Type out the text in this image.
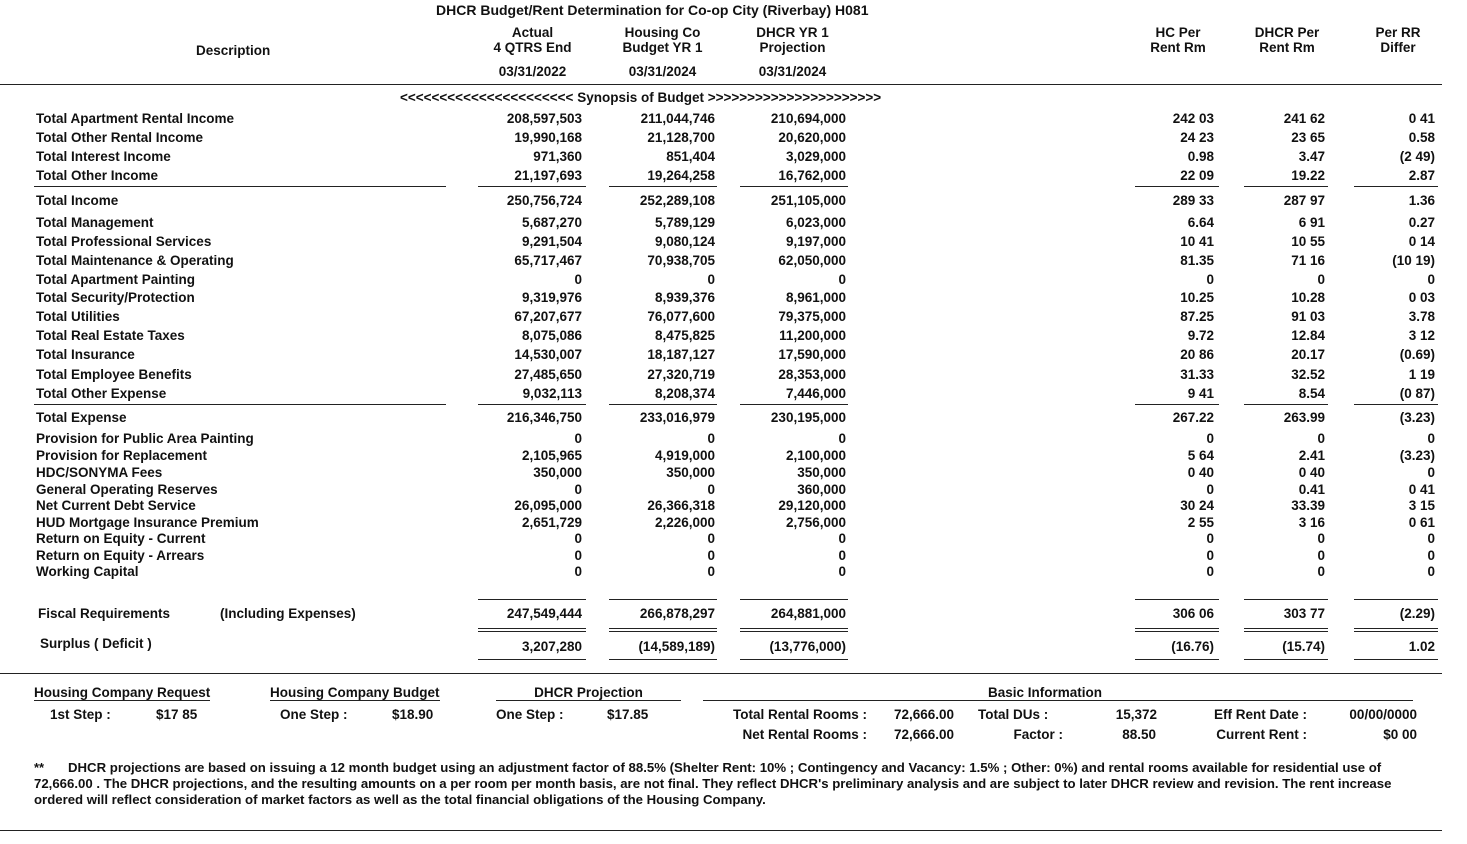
DHCR Budget/Rent Determination for Co-op City (Riverbay) H081
Description
Actual
4 QTRS End
Housing Co
Budget YR 1
DHCR YR 1
Projection
HC Per
Rent Rm
DHCR Per
Rent Rm
Per RR
Differ
03/31/2022	03/31/2024	03/31/2024
<<<<<<<<<<<<<<<<<<<<<< Synopsis of Budget >>>>>>>>>>>>>>>>>>>>>>
Total Apartment Rental Income	208,597,503	211,044,746	210,694,000	242 03	241 62	0 41
Total Other Rental Income	19,990,168	21,128,700	20,620,000	24 23	23 65	0.58
Total Interest Income	971,360	851,404	3,029,000	0.98	3.47	(2 49)
Total Other Income	21,197,693	19,264,258	16,762,000	22 09	19.22	2.87
Total Income	250,756,724	252,289,108	251,105,000	289 33	287 97	1.36
Total Management	5,687,270	5,789,129	6,023,000	6.64	6 91	0.27
Total Professional Services	9,291,504	9,080,124	9,197,000	10 41	10 55	0 14
Total Maintenance & Operating	65,717,467	70,938,705	62,050,000	81.35	71 16	(10 19)
Total Apartment Painting	0	0	0	0	0	0
Total Security/Protection	9,319,976	8,939,376	8,961,000	10.25	10.28	0 03
Total Utilities	67,207,677	76,077,600	79,375,000	87.25	91 03	3.78
Total Real Estate Taxes	8,075,086	8,475,825	11,200,000	9.72	12.84	3 12
Total Insurance	14,530,007	18,187,127	17,590,000	20 86	20.17	(0.69)
Total Employee Benefits	27,485,650	27,320,719	28,353,000	31.33	32.52	1 19
Total Other Expense	9,032,113	8,208,374	7,446,000	9 41	8.54	(0 87)
Total Expense	216,346,750	233,016,979	230,195,000	267.22	263.99	(3.23)
Provision for Public Area Painting	0	0	0	0	0	0
Provision for Replacement	2,105,965	4,919,000	2,100,000	5 64	2.41	(3.23)
HDC/SONYMA Fees	350,000	350,000	350,000	0 40	0 40	0
General Operating Reserves	0	0	360,000	0	0.41	0 41
Net Current Debt Service	26,095,000	26,366,318	29,120,000	30 24	33.39	3 15
HUD Mortgage Insurance Premium	2,651,729	2,226,000	2,756,000	2 55	3 16	0 61
Return on Equity - Current	0	0	0	0	0	0
Return on Equity - Arrears	0	0	0	0	0	0
Working Capital	0	0	0	0	0	0
Fiscal Requirements	247,549,444	266,878,297	264,881,000	306 06	303 77	(2.29)
(Including Expenses)
Surplus ( Deficit )	3,207,280	(14,589,189)	(13,776,000)	(16.76)	(15.74)	1.02
Housing Company Request	Housing Company Budget	DHCR Projection	Basic Information
1st Step :	$17 85	One Step :	$18.90	One Step :	$17.85	Total Rental Rooms : 72,666.00
Net Rental Rooms : 72,666.00
Total DUs :	15,372
Factor :	88.50
Eff Rent Date :	00/00/0000
Current Rent :	$0 00
**	DHCR projections are based on issuing a 12 month budget using an adjustment factor of 88.5% (Shelter Rent: 10% ; Contingency and Vacancy: 1.5% ; Other: 0%) and rental rooms available for residential use of 72,666.00 . The DHCR projections, and the resulting amounts on a per room per month basis, are not final. They reflect DHCR's preliminary analysis and are subject to later DHCR review and revision. The rent increase ordered will reflect consideration of market factors as well as the total financial obligations of the Housing Company.
